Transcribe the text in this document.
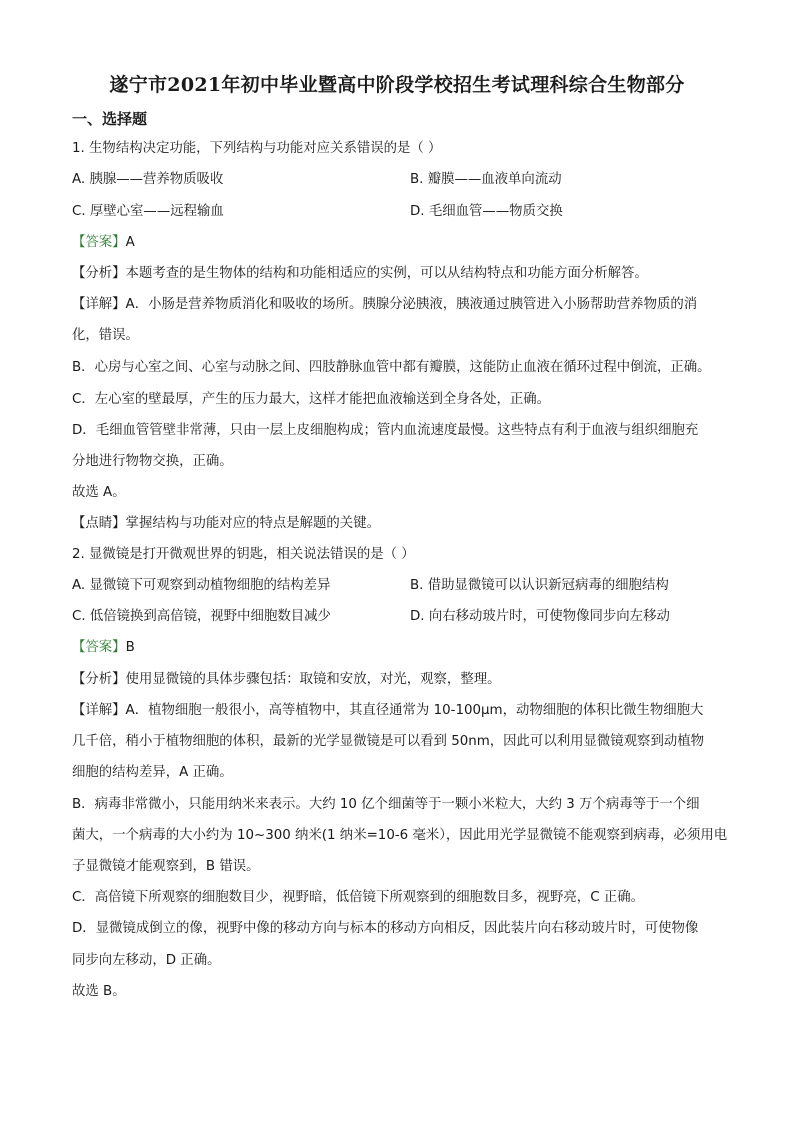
遂宁市2021年初中毕业暨高中阶段学校招生考试理科综合生物部分
一、选择题
1. 生物结构决定功能，下列结构与功能对应关系错误的是（ ）
A. 胰腺——营养物质吸收	B. 瓣膜——血液单向流动
C. 厚壁心室——远程输血	D. 毛细血管——物质交换
【答案】A
【分析】本题考查的是生物体的结构和功能相适应的实例，可以从结构特点和功能方面分析解答。
【详解】A．小肠是营养物质消化和吸收的场所。胰腺分泌胰液，胰液通过胰管进入小肠帮助营养物质的消
化，错误。
B．心房与心室之间、心室与动脉之间、四肢静脉血管中都有瓣膜，这能防止血液在循环过程中倒流，正确。
C．左心室的壁最厚，产生的压力最大，这样才能把血液输送到全身各处，正确。
D．毛细血管管壁非常薄，只由一层上皮细胞构成；管内血流速度最慢。这些特点有利于血液与组织细胞充
分地进行物物交换，正确。
故选 A。
【点睛】掌握结构与功能对应的特点是解题的关键。
2. 显微镜是打开微观世界的钥匙，相关说法错误的是（ ）
A. 显微镜下可观察到动植物细胞的结构差异	B. 借助显微镜可以认识新冠病毒的细胞结构
C. 低倍镜换到高倍镜，视野中细胞数目减少	D. 向右移动玻片时，可使物像同步向左移动
【答案】B
【分析】使用显微镜的具体步骤包括：取镜和安放，对光，观察，整理。
【详解】A．植物细胞一般很小，高等植物中，其直径通常为 10-100μm，动物细胞的体积比微生物细胞大
几千倍，稍小于植物细胞的体积，最新的光学显微镜是可以看到 50nm，因此可以利用显微镜观察到动植物
细胞的结构差异，A 正确。
B．病毒非常微小，只能用纳米来表示。大约 10 亿个细菌等于一颗小米粒大，大约 3 万个病毒等于一个细
菌大，一个病毒的大小约为 10~300 纳米(1 纳米=10-6 毫米），因此用光学显微镜不能观察到病毒，必须用电
子显微镜才能观察到，B 错误。
C．高倍镜下所观察的细胞数目少，视野暗，低倍镜下所观察到的细胞数目多，视野亮，C 正确。
D．显微镜成倒立的像，视野中像的移动方向与标本的移动方向相反，因此装片向右移动玻片时，可使物像
同步向左移动，D 正确。
故选 B。
